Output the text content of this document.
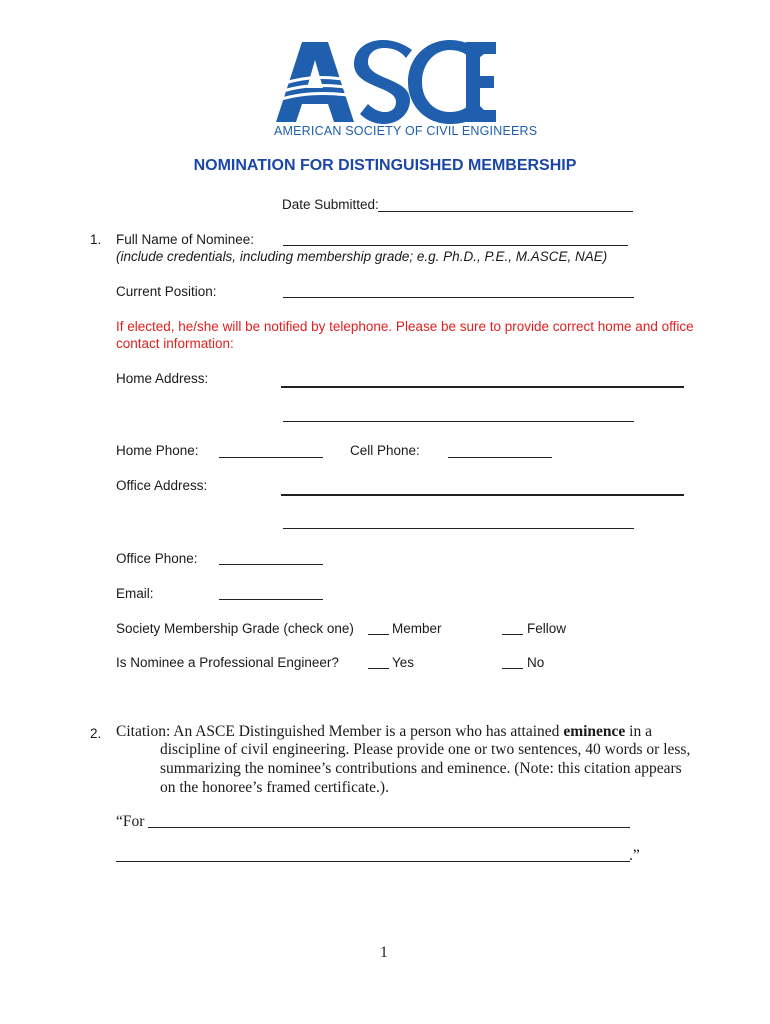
AMERICAN SOCIETY OF CIVIL ENGINEERS
NOMINATION FOR DISTINGUISHED MEMBERSHIP
Date Submitted:
1. Full Name of Nominee:
(include credentials, including membership grade; e.g. Ph.D., P.E., M.ASCE, NAE)
Current Position:
If elected, he/she will be notified by telephone. Please be sure to provide correct home and office
contact information:
Home Address:
Home Phone:	Cell Phone:
Office Address:
Office Phone:
Email:
Society Membership Grade (check one)	Member	Fellow
Is Nominee a Professional Engineer?	Yes	No
2. Citation: An ASCE Distinguished Member is a person who has attained eminence in a
discipline of civil engineering. Please provide one or two sentences, 40 words or less,
summarizing the nominee’s contributions and eminence. (Note: this citation appears
on the honoree’s framed certificate.).
“For
.”
1
